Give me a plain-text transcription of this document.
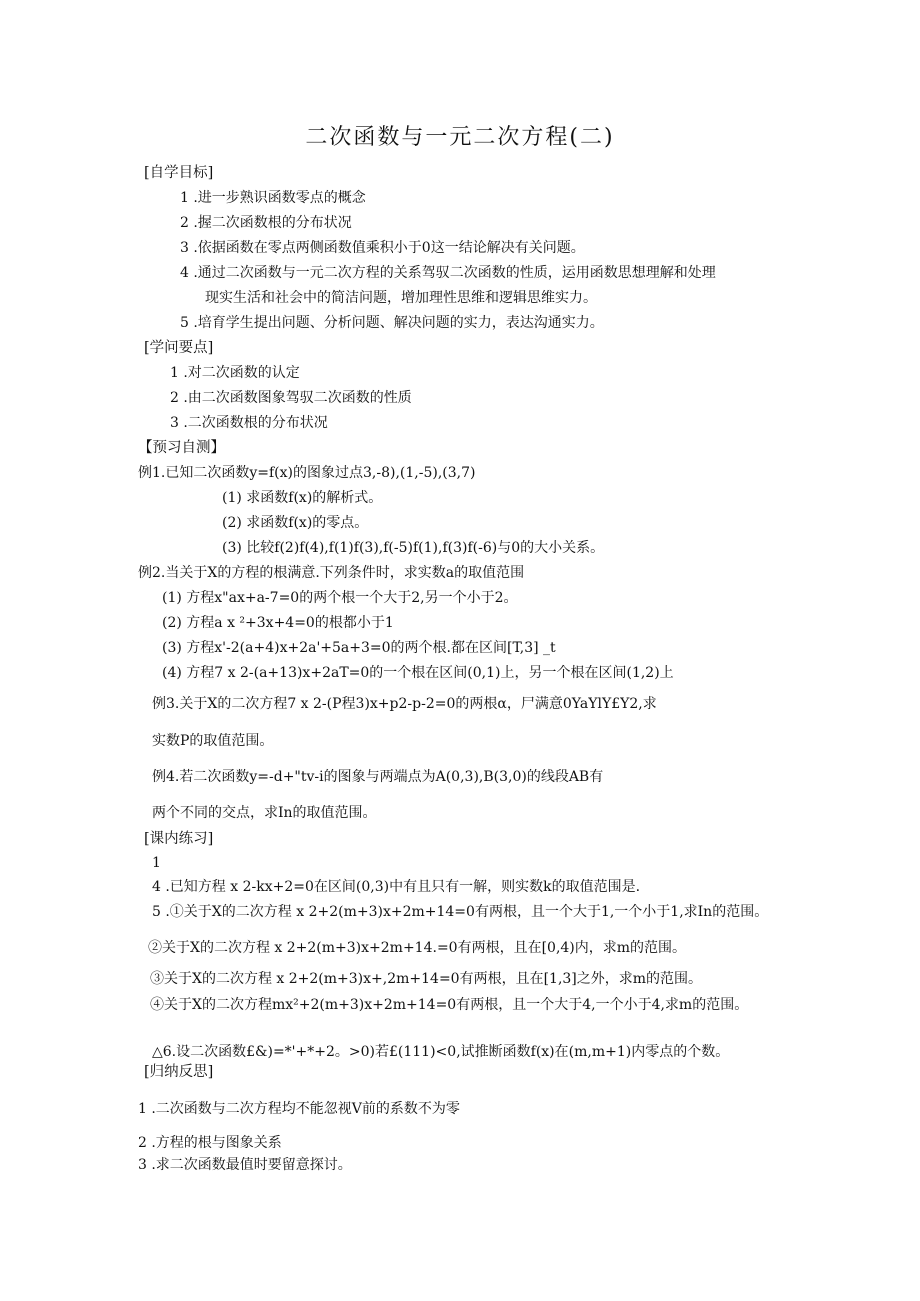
二次函数与一元二次方程(二)
[自学目标]
1 .进一步熟识函数零点的概念
2 .握二次函数根的分布状况
3 .依据函数在零点两侧函数值乘积小于0这一结论解决有关问题。
4 .通过二次函数与一元二次方程的关系驾驭二次函数的性质，运用函数思想理解和处理
现实生活和社会中的简洁问题，增加理性思维和逻辑思维实力。
5 .培育学生提出问题、分析问题、解决问题的实力，表达沟通实力。
[学问要点]
1 .对二次函数的认定
2 .由二次函数图象驾驭二次函数的性质
3 .二次函数根的分布状况
【预习自测】
例1.已知二次函数y=f(x)的图象过点3,-8),(1,-5),(3,7)
(1) 求函数f(x)的解析式。
(2) 求函数f(x)的零点。
(3) 比较f(2)f(4),f(1)f(3),f(-5)f(1),f(3)f(-6)与0的大小关系。
例2.当关于X的方程的根满意.下列条件时，求实数a的取值范围
(1) 方程x"ax+a-7=0的两个根一个大于2,另一个小于2。
(2) 方程a x ²+3x+4=0的根都小于1
(3) 方程x'-2(a+4)x+2a'+5a+3=0的两个根.都在区间[T,3] _t
(4) 方程7 x 2-(a+13)x+2aT=0的一个根在区间(0,1)上，另一个根在区间(1,2)上
例3.关于X的二次方程7 x 2-(P程3)x+p2-p-2=0的两根α，尸满意0YaYlY£Y2,求
实数P的取值范围。
例4.若二次函数y=-d+"tv-i的图象与两端点为A(0,3),B(3,0)的线段AB有
两个不同的交点，求In的取值范围。
[课内练习]
1
4 .已知方程 x 2-kx+2=0在区间(0,3)中有且只有一解，则实数k的取值范围是.
5 .①关于X的二次方程 x 2+2(m+3)x+2m+14=0有两根，且一个大于1,一个小于1,求In的范围。
②关于X的二次方程 x 2+2(m+3)x+2m+14.=0有两根，且在[0,4)内，求m的范围。
③关于X的二次方程 x 2+2(m+3)x+,2m+14=0有两根，且在[1,3]之外，求m的范围。
④关于X的二次方程mx²+2(m+3)x+2m+14=0有两根，且一个大于4,一个小于4,求m的范围。
△6.设二次函数£&)=*'+*+2。>0)若£(111)<0,试推断函数f(x)在(m,m+1)内零点的个数。
[归纳反思]
1 .二次函数与二次方程均不能忽视V前的系数不为零
2 .方程的根与图象关系
3 .求二次函数最值时要留意探讨。
